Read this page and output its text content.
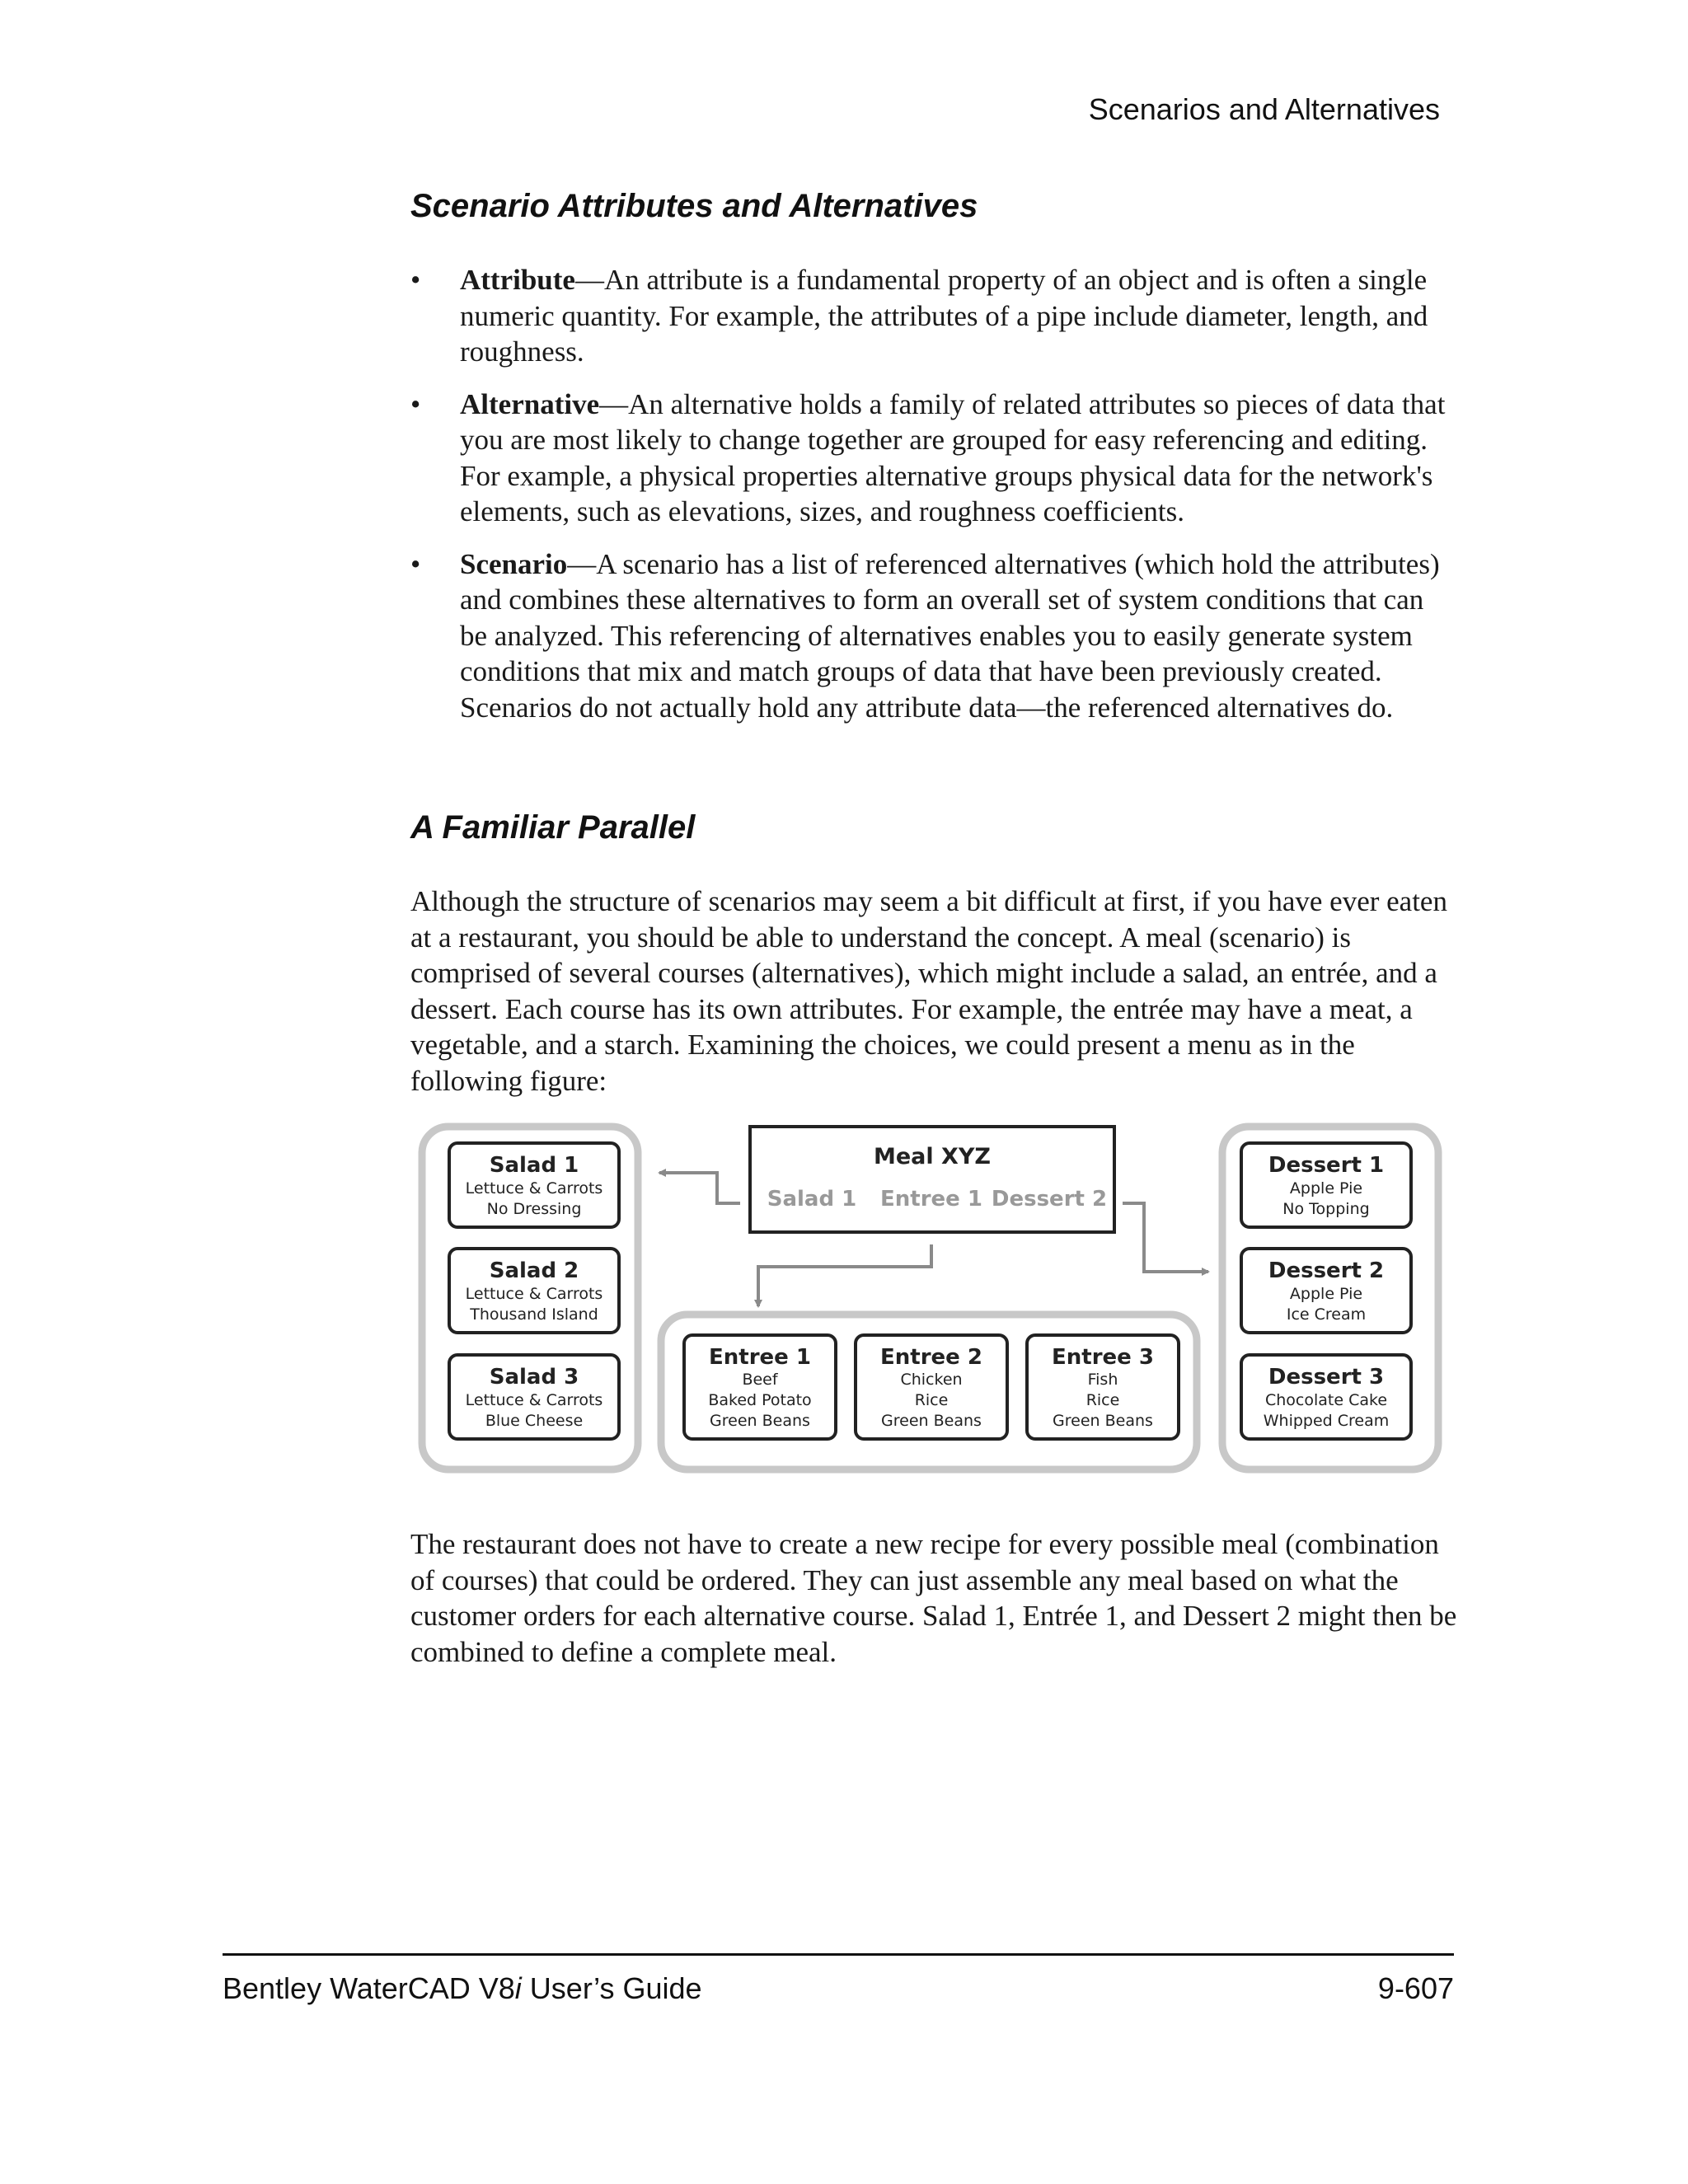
Scenarios and Alternatives
Scenario Attributes and Alternatives
• Attribute—An attribute is a fundamental property of an object and is often a single numeric quantity. For example, the attributes of a pipe include diameter, length, and roughness.
• Alternative—An alternative holds a family of related attributes so pieces of data that you are most likely to change together are grouped for easy referencing and editing. For example, a physical properties alternative groups physical data for the network's elements, such as elevations, sizes, and roughness coefficients.
• Scenario—A scenario has a list of referenced alternatives (which hold the attributes) and combines these alternatives to form an overall set of system conditions that can be analyzed. This referencing of alternatives enables you to easily generate system conditions that mix and match groups of data that have been previously created. Scenarios do not actually hold any attribute data—the referenced alternatives do.
A Familiar Parallel

Although the structure of scenarios may seem a bit difficult at first, if you have ever eaten at a restaurant, you should be able to understand the concept. A meal (scenario) is comprised of several courses (alternatives), which might include a salad, an entrée, and a dessert. Each course has its own attributes. For example, the entrée may have a meat, a vegetable, and a starch. Examining the choices, we could present a menu as in the following figure:

Meal XYZ
Salad 1 Entree 1 Dessert 2
Salad 1
Lettuce & Carrots
No Dressing
Salad 2
Lettuce & Carrots
Thousand Island
Salad 3
Lettuce & Carrots
Blue Cheese
Entree 1
Beef
Baked Potato
Green Beans
Entree 2
Chicken
Rice
Green Beans
Entree 3
Fish
Rice
Green Beans
Dessert 1
Apple Pie
No Topping
Dessert 2
Apple Pie
Ice Cream
Dessert 3
Chocolate Cake
Whipped Cream

The restaurant does not have to create a new recipe for every possible meal (combination of courses) that could be ordered. They can just assemble any meal based on what the customer orders for each alternative course. Salad 1, Entrée 1, and Dessert 2 might then be combined to define a complete meal.

Bentley WaterCAD V8i User’s Guide	9-607
